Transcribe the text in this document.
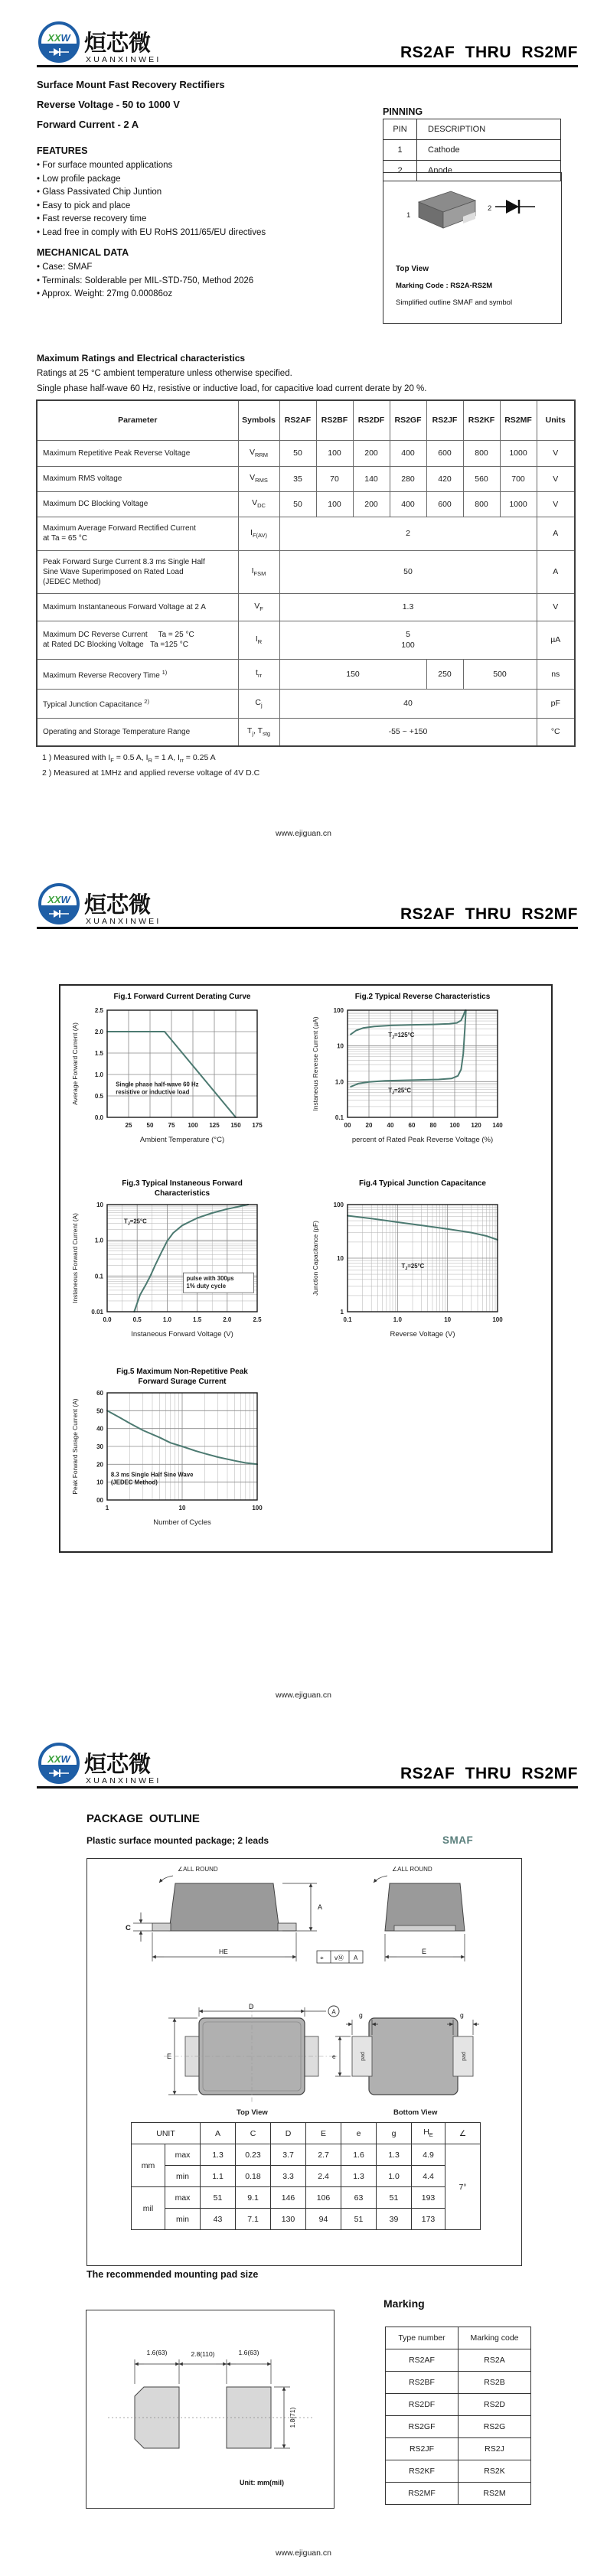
XXW 烜芯微
XUANXINWEI	RS2AF THRU RS2MF
Surface Mount Fast Recovery Rectifiers
Reverse Voltage - 50 to 1000 V
Forward Current - 2 A
PINNING
PIN	DESCRIPTION
1	Cathode
2	Anode
FEATURES
• For surface mounted applications
• Low profile package
• Glass Passivated Chip Juntion
• Easy to pick and place
• Fast reverse recovery time
• Lead free in comply with EU RoHS 2011/65/EU directives
1
2
Top View
Marking Code : RS2A-RS2M
Simplified outline SMAF and symbol
MECHANICAL DATA
• Case: SMAF
• Terminals: Solderable per MIL-STD-750, Method 2026
• Approx. Weight: 27mg 0.00086oz
Maximum Ratings and Electrical characteristics
Ratings at 25 °C ambient temperature unless otherwise specified.
Single phase half-wave 60 Hz, resistive or inductive load, for capacitive load current derate by 20 %.
Parameter	Symbols	RS2AF	RS2BF	RS2DF	RS2GF	RS2JF	RS2KF	RS2MF	Units

Maximum Repetitive Peak Reverse Voltage	$V_{RRM}$	50	100	200	400	600	800	1000	V

Maximum RMS voltage	$V_{RMS}$	35	70	140	280	420	560	700	V

Maximum DC Blocking Voltage	$V_{DC}$	50	100	200	400	600	800	1000	V

Maximum Average Forward Rectified Current
at Ta = 65 °C	$I_{F(AV)}$	2							A

Peak Forward Surge Current 8.3 ms Single Half
Sine Wave Superimposed on Rated Load
(JEDEC Method)	$I_{FSM}$	50							A

Maximum Instantaneous Forward Voltage at 2 A	$V_F$	1.3							V

Maximum DC Reverse Current     Ta = 25 °C
at Rated DC Blocking Voltage   Ta =125 °C
	$I_R$	
5
100
	µA

Maximum Reverse Recovery Time $^{1)}$	$t_{rr}$	150				250	500		ns

Typical Junction Capacitance $^{2)}$	$C_j$	40							pF

Operating and Storage Temperature Range	$T_j$, $T_{stg}$	-55 ~ +150							°C
1 ) Measured with $I_F = 0.5$ A, $I_R = 1$ A, $I_{rr} = 0.25$ A
2 ) Measured at 1MHz and applied reverse voltage of 4V D.C
www.ejiguan.cn
XXW 烜芯微
XUANXINWEI	RS2AF THRU RS2MF
Fig.1 Forward Current Derating Curve
25 50 75 100 125 150 175
0.0
0.5
1.0
1.5
2.0
2.5
Ambient Temperature (°C)
Average Forward Current (A)	Single phase half-wave 60 Hz
resistive or inductive load
Fig.2 Typical Reverse Characteristics
00 20 40 60 80 100 120 140
0.1
1.0
10
100
percent of Rated Peak Reverse Voltage (%)
Instaneous Reverse Current (µA)	$T_J=125^\circ C$
$T_J=25^\circ C$
Fig.3 Typical Instaneous Forward
Characteristics
0.0	0.5	1.0	1.5	2.0	2.5
0.01
0.1
1.0
10
Instaneous Forward Voltage (V)
Instaneous Forward Current (A)	$T_J=25^\circ C$
pulse with 300µs
1% duty cycle
Fig.4 Typical Junction Capacitance
0.1	1.0	10	100
1
10
100
Reverse Voltage (V)
Junction Capacitance (pF)	$T_J=25^\circ C$
Fig.5 Maximum Non-Repetitive Peak
Forward Surage Current
1	10	100
00
10
20
30
40
50
60
Number of Cycles
Peak Forward Surage Current (A)	8.3 ms Single Half Sine Wave
(JEDEC Method)
www.ejiguan.cn
XXW 烜芯微
XUANXINWEI	RS2AF THRU RS2MF
PACKAGE OUTLINE
Plastic surface mounted package; 2 leads	SMAF
∠ALL ROUND
C
A
HE
⌖ vⓂ A
∠ALL ROUND
E
D
A
E
Top View
pad	pad
g	g
e
Bottom View
UNIT		A	C	D	E	e	g	$H_E$	∠
mm	max	1.3	0.23	3.7	2.7	1.6	1.3	4.9	7°
	min	1.1	0.18	3.3	2.4	1.3	1.0	4.4	
mil	max	51	9.1	146	106	63	51	193	
	min	43	7.1	130	94	51	39	173	
The recommended mounting pad size
1.6(63)	2.8(110)	1.6(63)
1.8(71)
Unit: mm(mil)
Marking
Type number	Marking code
RS2AF	RS2A
RS2BF	RS2B
RS2DF	RS2D
RS2GF	RS2G
RS2JF	RS2J
RS2KF	RS2K
RS2MF	RS2M
www.ejiguan.cn
